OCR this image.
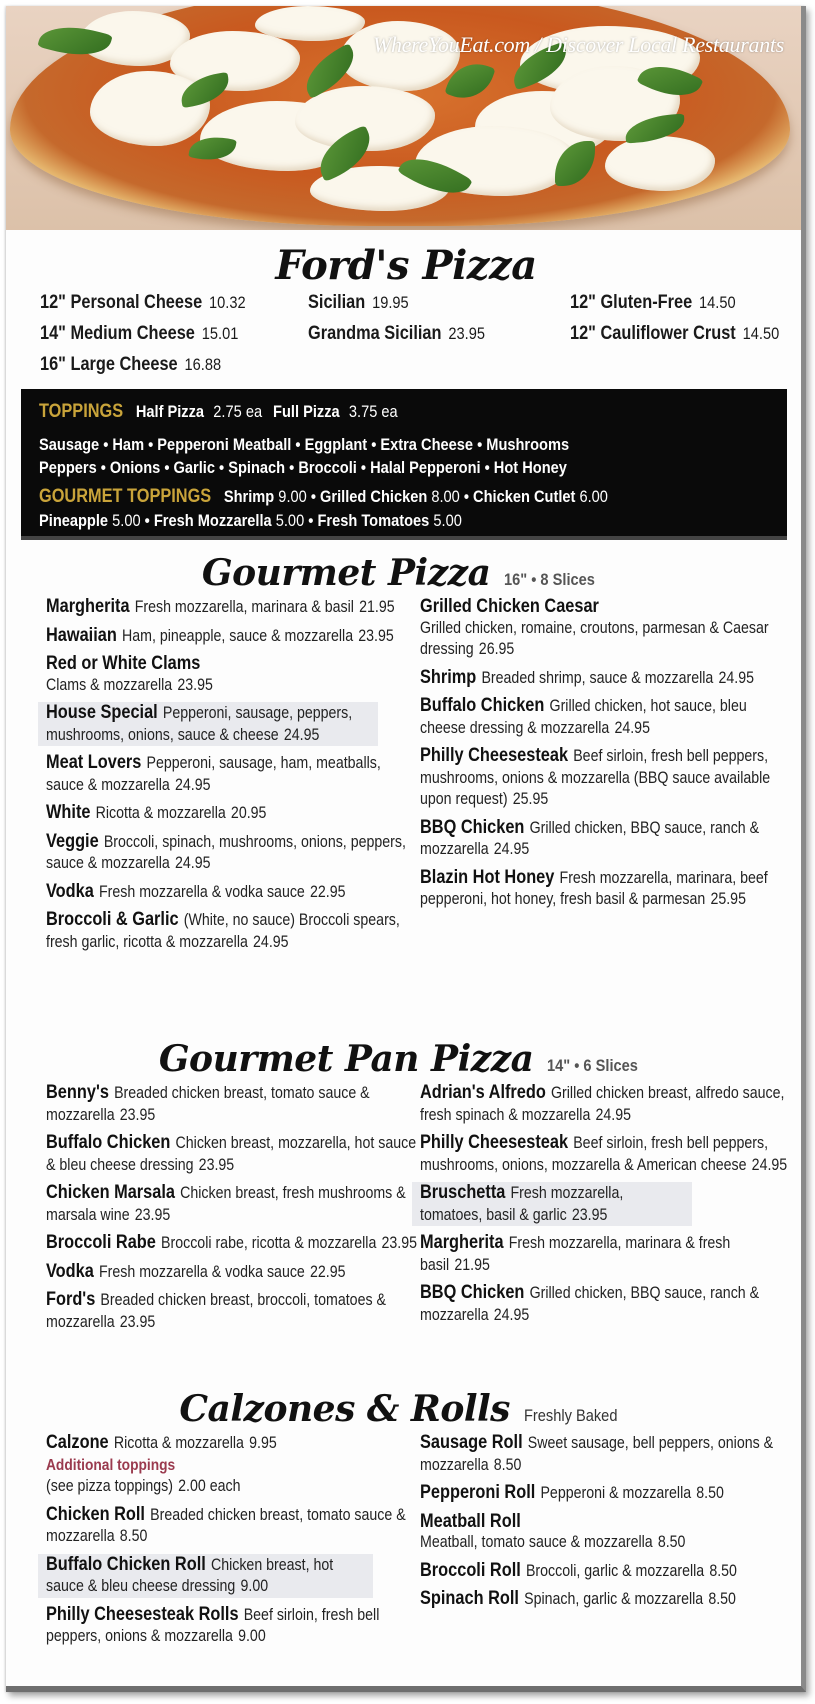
WhereYouEat.com / Discover Local Restaurants
Ford's Pizza
12" Personal Cheese 10.32
14" Medium Cheese 15.01
16" Large Cheese 16.88
Sicilian 19.95
Grandma Sicilian 23.95
12" Gluten-Free 14.50
12" Cauliflower Crust 14.50
TOPPINGS Half Pizza 2.75 ea Full Pizza 3.75 ea
Sausage • Ham • Pepperoni Meatball • Eggplant • Extra Cheese • Mushrooms
Peppers • Onions • Garlic • Spinach • Broccoli • Halal Pepperoni • Hot Honey
GOURMET TOPPINGS Shrimp 9.00 • Grilled Chicken 8.00 • Chicken Cutlet 6.00
Pineapple 5.00 • Fresh Mozzarella 5.00 • Fresh Tomatoes 5.00
Gourmet Pizza 16" • 8 Slices
Margherita Fresh mozzarella, marinara & basil 21.95
Hawaiian Ham, pineapple, sauce & mozzarella 23.95
Red or White Clams
Clams & mozzarella 23.95
House Special Pepperoni, sausage, peppers, mushrooms, onions, sauce & cheese 24.95
Meat Lovers Pepperoni, sausage, ham, meatballs, sauce & mozzarella 24.95
White Ricotta & mozzarella 20.95
Veggie Broccoli, spinach, mushrooms, onions, peppers, sauce & mozzarella 24.95
Vodka Fresh mozzarella & vodka sauce 22.95
Broccoli & Garlic (White, no sauce) Broccoli spears, fresh garlic, ricotta & mozzarella 24.95
Grilled Chicken Caesar
Grilled chicken, romaine, croutons, parmesan & Caesar dressing 26.95
Shrimp Breaded shrimp, sauce & mozzarella 24.95
Buffalo Chicken Grilled chicken, hot sauce, bleu cheese dressing & mozzarella 24.95
Philly Cheesesteak Beef sirloin, fresh bell peppers, mushrooms, onions & mozzarella (BBQ sauce available upon request) 25.95
BBQ Chicken Grilled chicken, BBQ sauce, ranch & mozzarella 24.95
Blazin Hot Honey Fresh mozzarella, marinara, beef pepperoni, hot honey, fresh basil & parmesan 25.95
Gourmet Pan Pizza 14" • 6 Slices
Benny's Breaded chicken breast, tomato sauce & mozzarella 23.95
Buffalo Chicken Chicken breast, mozzarella, hot sauce & bleu cheese dressing 23.95
Chicken Marsala Chicken breast, fresh mushrooms & marsala wine 23.95
Broccoli Rabe Broccoli rabe, ricotta & mozzarella 23.95
Vodka Fresh mozzarella & vodka sauce 22.95
Ford's Breaded chicken breast, broccoli, tomatoes & mozzarella 23.95
Adrian's Alfredo Grilled chicken breast, alfredo sauce, fresh spinach & mozzarella 24.95
Philly Cheesesteak Beef sirloin, fresh bell peppers, mushrooms, onions, mozzarella & American cheese 24.95
Bruschetta Fresh mozzarella, tomatoes, basil & garlic 23.95
Margherita Fresh mozzarella, marinara & fresh basil 21.95
BBQ Chicken Grilled chicken, BBQ sauce, ranch & mozzarella 24.95
Calzones & Rolls Freshly Baked
Calzone Ricotta & mozzarella 9.95
Additional toppings
(see pizza toppings) 2.00 each
Chicken Roll Breaded chicken breast, tomato sauce & mozzarella 8.50
Buffalo Chicken Roll Chicken breast, hot sauce & bleu cheese dressing 9.00
Philly Cheesesteak Rolls Beef sirloin, fresh bell peppers, onions & mozzarella 9.00
Sausage Roll Sweet sausage, bell peppers, onions & mozzarella 8.50
Pepperoni Roll Pepperoni & mozzarella 8.50
Meatball Roll
Meatball, tomato sauce & mozzarella 8.50
Broccoli Roll Broccoli, garlic & mozzarella 8.50
Spinach Roll Spinach, garlic & mozzarella 8.50
